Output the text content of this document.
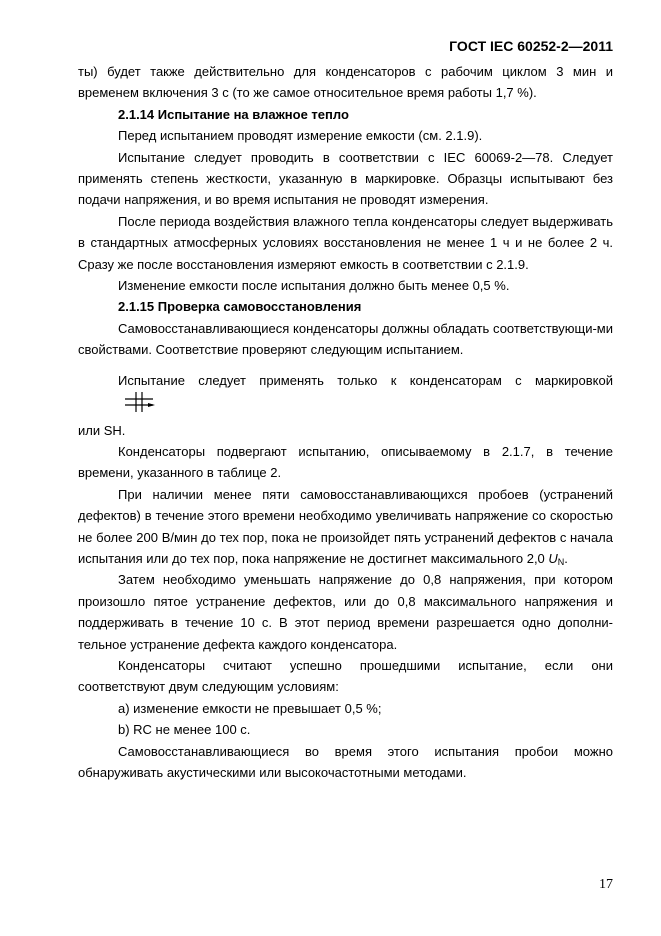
ГОСТ IEC 60252-2—2011

ты) будет также действительно для конденсаторов с рабочим циклом 3 мин и временем включения 3 с (то же самое относительное время работы 1,7 %).

2.1.14 Испытание на влажное тепло

Перед испытанием проводят измерение емкости (см. 2.1.9).

Испытание следует проводить в соответствии с IEC 60069-2—78. Следует применять степень жесткости, указанную в маркировке. Образцы испытывают без подачи напряжения, и во время испытания не проводят измерения.

После периода воздействия влажного тепла конденсаторы следует выдерживать в стандартных атмосферных условиях восстановления не менее 1 ч и не более 2 ч. Сразу же после восстановления измеряют емкость в соответствии с 2.1.9.

Изменение емкости после испытания должно быть менее 0,5 %.

2.1.15 Проверка самовосстановления

Самовосстанавливающиеся конденсаторы должны обладать соответствующи-ми свойствами. Соответствие проверяют следующим испытанием.

Испытание следует применять только к конденсаторам с маркировкой

или SH.

Конденсаторы подвергают испытанию, описываемому в 2.1.7, в течение времени, указанного в таблице 2.

При наличии менее пяти самовосстанавливающихся пробоев (устранений дефектов) в течение этого времени необходимо увеличивать напряжение со скоростью не более 200 В/мин до тех пор, пока не произойдет пять устранений дефектов с начала испытания или до тех пор, пока напряжение не достигнет максимального 2,0 $U_N$.

Затем необходимо уменьшать напряжение до 0,8 напряжения, при котором произошло пятое устранение дефектов, или до 0,8 максимального напряжения и поддерживать в течение 10 с. В этот период времени разрешается одно дополни-тельное устранение дефекта каждого конденсатора.

Конденсаторы считают успешно прошедшими испытание, если они соответствуют двум следующим условиям:

a) изменение емкости не превышает 0,5 %;

b) RC не менее 100 с.

Самовосстанавливающиеся во время этого испытания пробои можно обнаруживать акустическими или высокочастотными методами.

17
